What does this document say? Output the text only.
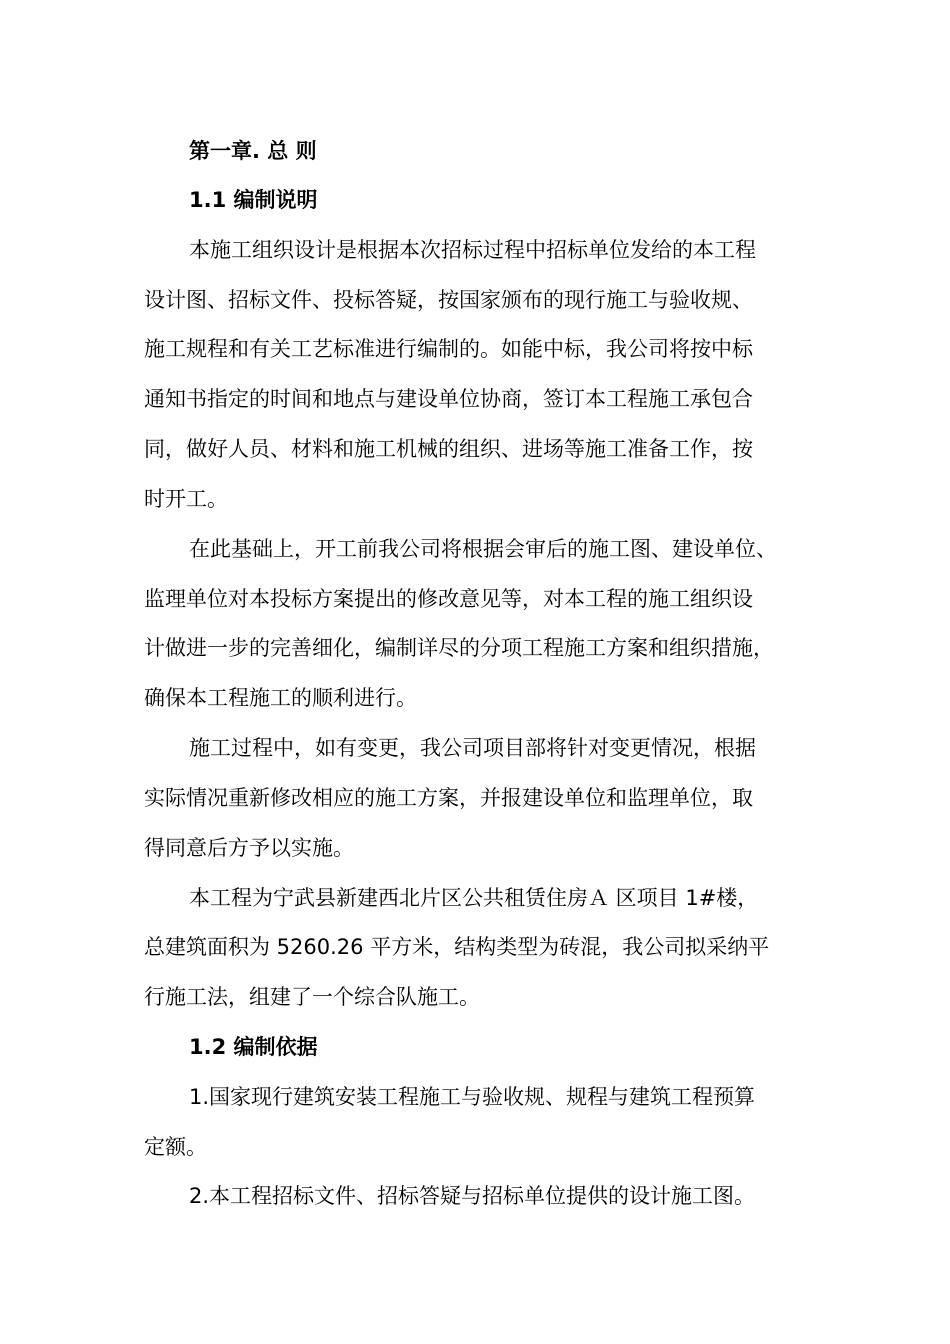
第一章. 总 则

1.1 编制说明

本施工组织设计是根据本次招标过程中招标单位发给的本工程

设计图、招标文件、投标答疑，按国家颁布的现行施工与验收规、

施工规程和有关工艺标准进行编制的。如能中标，我公司将按中标

通知书指定的时间和地点与建设单位协商，签订本工程施工承包合

同，做好人员、材料和施工机械的组织、进场等施工准备工作，按

时开工。

在此基础上，开工前我公司将根据会审后的施工图、建设单位、

监理单位对本投标方案提出的修改意见等，对本工程的施工组织设

计做进一步的完善细化，编制详尽的分项工程施工方案和组织措施，

确保本工程施工的顺利进行。

施工过程中，如有变更，我公司项目部将针对变更情况，根据

实际情况重新修改相应的施工方案，并报建设单位和监理单位，取

得同意后方予以实施。

本工程为宁武县新建西北片区公共租赁住房Ａ 区项目 1#楼，

总建筑面积为 5260.26 平方米，结构类型为砖混，我公司拟采纳平

行施工法，组建了一个综合队施工。

1.2 编制依据

1.国家现行建筑安装工程施工与验收规、规程与建筑工程预算

定额。

2.本工程招标文件、招标答疑与招标单位提供的设计施工图。
